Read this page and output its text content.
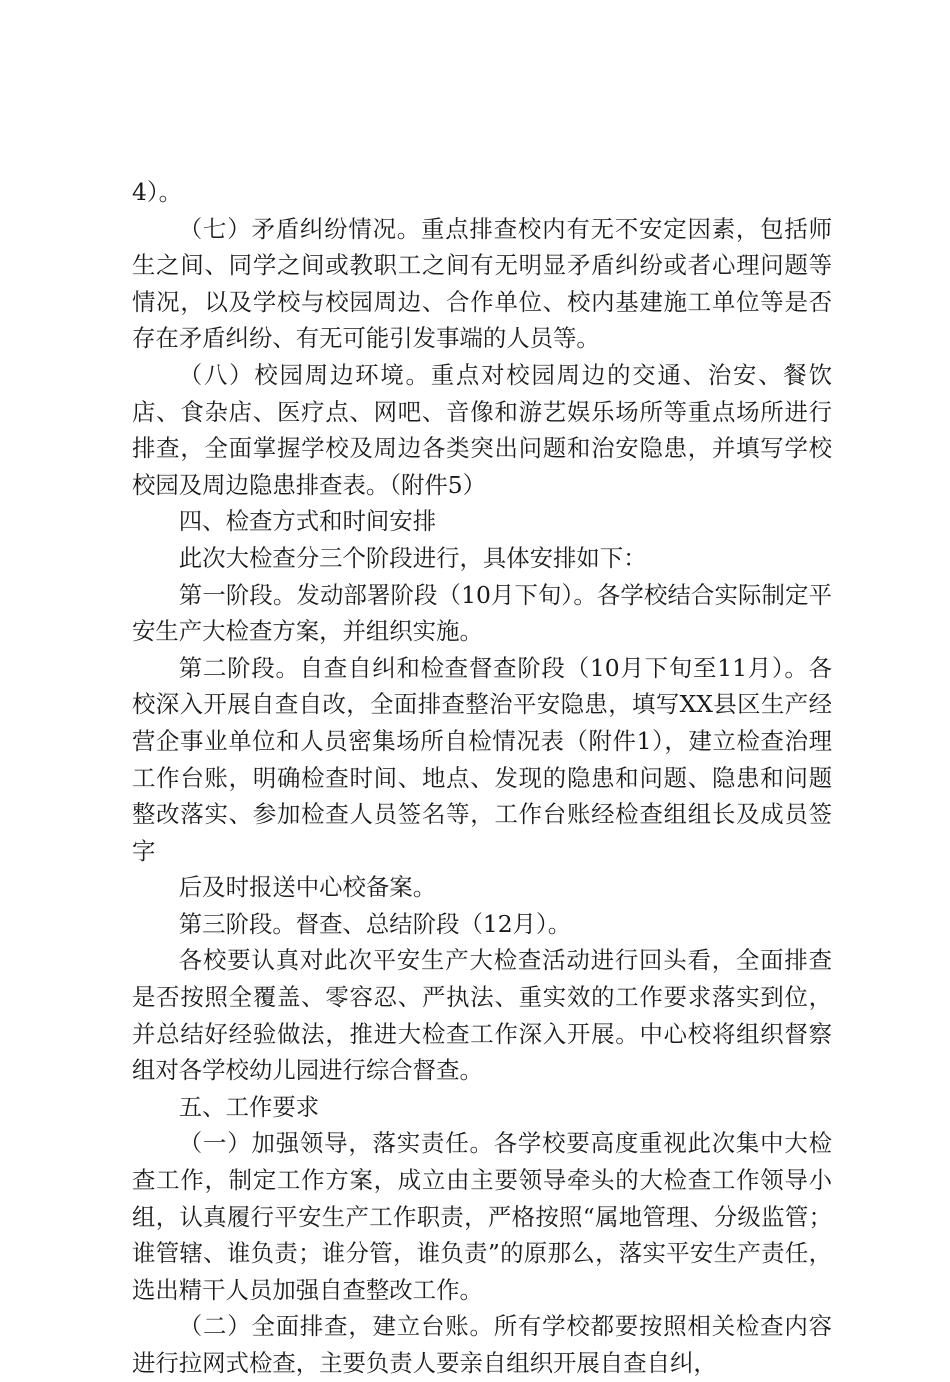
4）。

（七）矛盾纠纷情况。重点排查校内有无不安定因素，包括师生之间、同学之间或教职工之间有无明显矛盾纠纷或者心理问题等情况，以及学校与校园周边、合作单位、校内基建施工单位等是否存在矛盾纠纷、有无可能引发事端的人员等。

（八）校园周边环境。重点对校园周边的交通、治安、餐饮店、食杂店、医疗点、网吧、音像和游艺娱乐场所等重点场所进行排查，全面掌握学校及周边各类突出问题和治安隐患，并填写学校校园及周边隐患排查表。（附件5）

四、检查方式和时间安排

此次大检查分三个阶段进行，具体安排如下：

第一阶段。发动部署阶段（10月下旬）。各学校结合实际制定平安生产大检查方案，并组织实施。

第二阶段。自查自纠和检查督查阶段（10月下旬至11月）。各校深入开展自查自改，全面排查整治平安隐患，填写XX县区生产经营企事业单位和人员密集场所自检情况表（附件1），建立检查治理工作台账，明确检查时间、地点、发现的隐患和问题、隐患和问题整改落实、参加检查人员签名等，工作台账经检查组组长及成员签字

后及时报送中心校备案。

第三阶段。督查、总结阶段（12月）。

各校要认真对此次平安生产大检查活动进行回头看，全面排查是否按照全覆盖、零容忍、严执法、重实效的工作要求落实到位，并总结好经验做法，推进大检查工作深入开展。中心校将组织督察组对各学校幼儿园进行综合督查。

五、工作要求

（一）加强领导，落实责任。各学校要高度重视此次集中大检查工作，制定工作方案，成立由主要领导牵头的大检查工作领导小组，认真履行平安生产工作职责，严格按照“属地管理、分级监管；谁管辖、谁负责；谁分管，谁负责”的原那么，落实平安生产责任，选出精干人员加强自查整改工作。

（二）全面排查，建立台账。所有学校都要按照相关检查内容进行拉网式检查，主要负责人要亲自组织开展自查自纠，
